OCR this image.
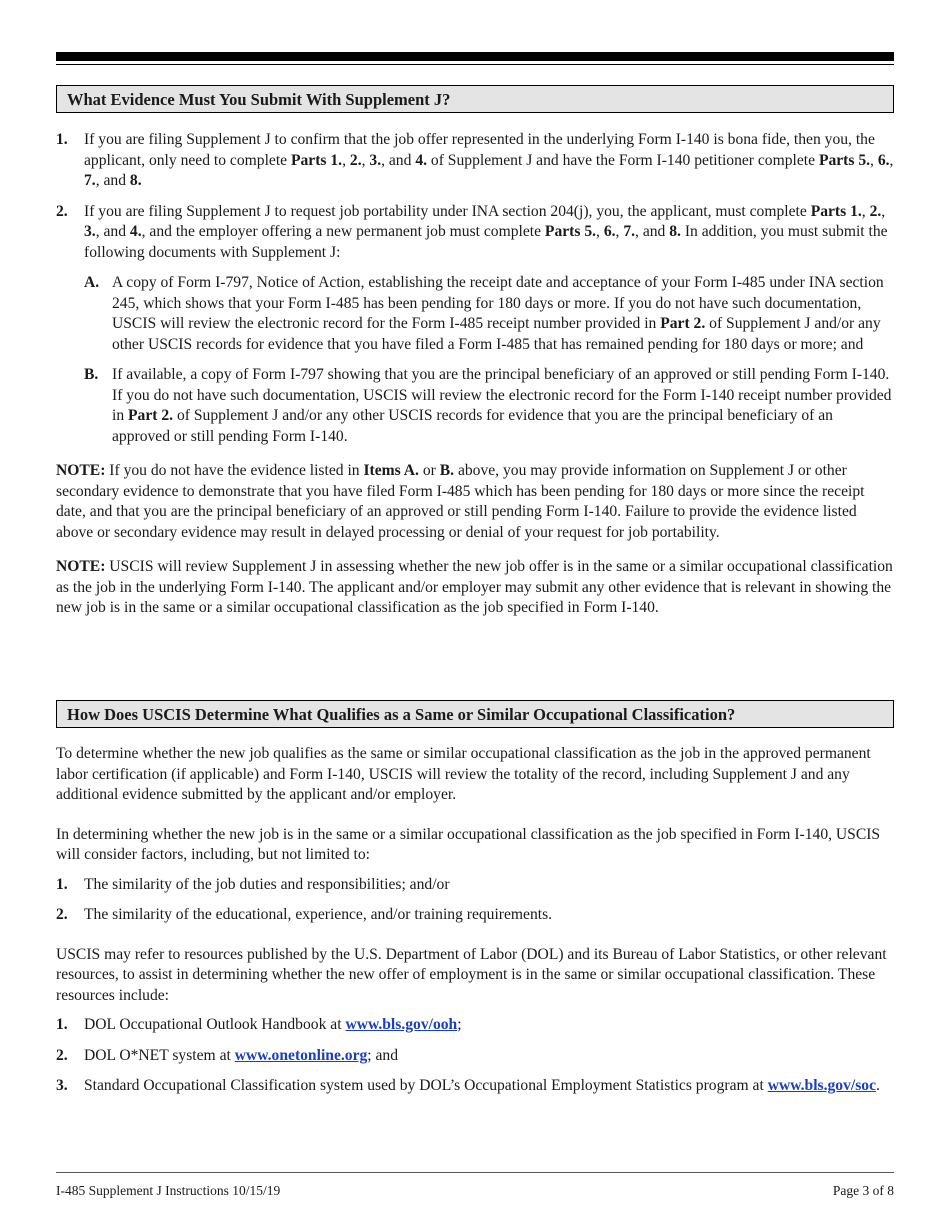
What Evidence Must You Submit With Supplement J?
1. If you are filing Supplement J to confirm that the job offer represented in the underlying Form I-140 is bona fide, then you, the applicant, only need to complete Parts 1., 2., 3., and 4. of Supplement J and have the Form I-140 petitioner complete Parts 5., 6., 7., and 8.

2. If you are filing Supplement J to request job portability under INA section 204(j), you, the applicant, must complete Parts 1., 2., 3., and 4., and the employer offering a new permanent job must complete Parts 5., 6., 7., and 8. In addition, you must submit the following documents with Supplement J:

A. A copy of Form I-797, Notice of Action, establishing the receipt date and acceptance of your Form I-485 under INA section 245, which shows that your Form I-485 has been pending for 180 days or more. If you do not have such documentation, USCIS will review the electronic record for the Form I-485 receipt number provided in Part 2. of Supplement J and/or any other USCIS records for evidence that you have filed a Form I-485 that has remained pending for 180 days or more; and

B. If available, a copy of Form I-797 showing that you are the principal beneficiary of an approved or still pending Form I-140. If you do not have such documentation, USCIS will review the electronic record for the Form I-140 receipt number provided in Part 2. of Supplement J and/or any other USCIS records for evidence that you are the principal beneficiary of an approved or still pending Form I-140.

NOTE: If you do not have the evidence listed in Items A. or B. above, you may provide information on Supplement J or other secondary evidence to demonstrate that you have filed Form I-485 which has been pending for 180 days or more since the receipt date, and that you are the principal beneficiary of an approved or still pending Form I-140. Failure to provide the evidence listed above or secondary evidence may result in delayed processing or denial of your request for job portability.

NOTE: USCIS will review Supplement J in assessing whether the new job offer is in the same or a similar occupational classification as the job in the underlying Form I-140. The applicant and/or employer may submit any other evidence that is relevant in showing the new job is in the same or a similar occupational classification as the job specified in Form I-140.

How Does USCIS Determine What Qualifies as a Same or Similar Occupational Classification?

To determine whether the new job qualifies as the same or similar occupational classification as the job in the approved permanent labor certification (if applicable) and Form I-140, USCIS will review the totality of the record, including Supplement J and any additional evidence submitted by the applicant and/or employer.

In determining whether the new job is in the same or a similar occupational classification as the job specified in Form I-140, USCIS will consider factors, including, but not limited to:

1. The similarity of the job duties and responsibilities; and/or

2. The similarity of the educational, experience, and/or training requirements.

USCIS may refer to resources published by the U.S. Department of Labor (DOL) and its Bureau of Labor Statistics, or other relevant resources, to assist in determining whether the new offer of employment is in the same or similar occupational classification. These resources include:

1. DOL Occupational Outlook Handbook at www.bls.gov/ooh;

2. DOL O*NET system at www.onetonline.org; and

3. Standard Occupational Classification system used by DOL’s Occupational Employment Statistics program at www.bls.gov/soc.

I-485 Supplement J Instructions 10/15/19	Page 3 of 8
